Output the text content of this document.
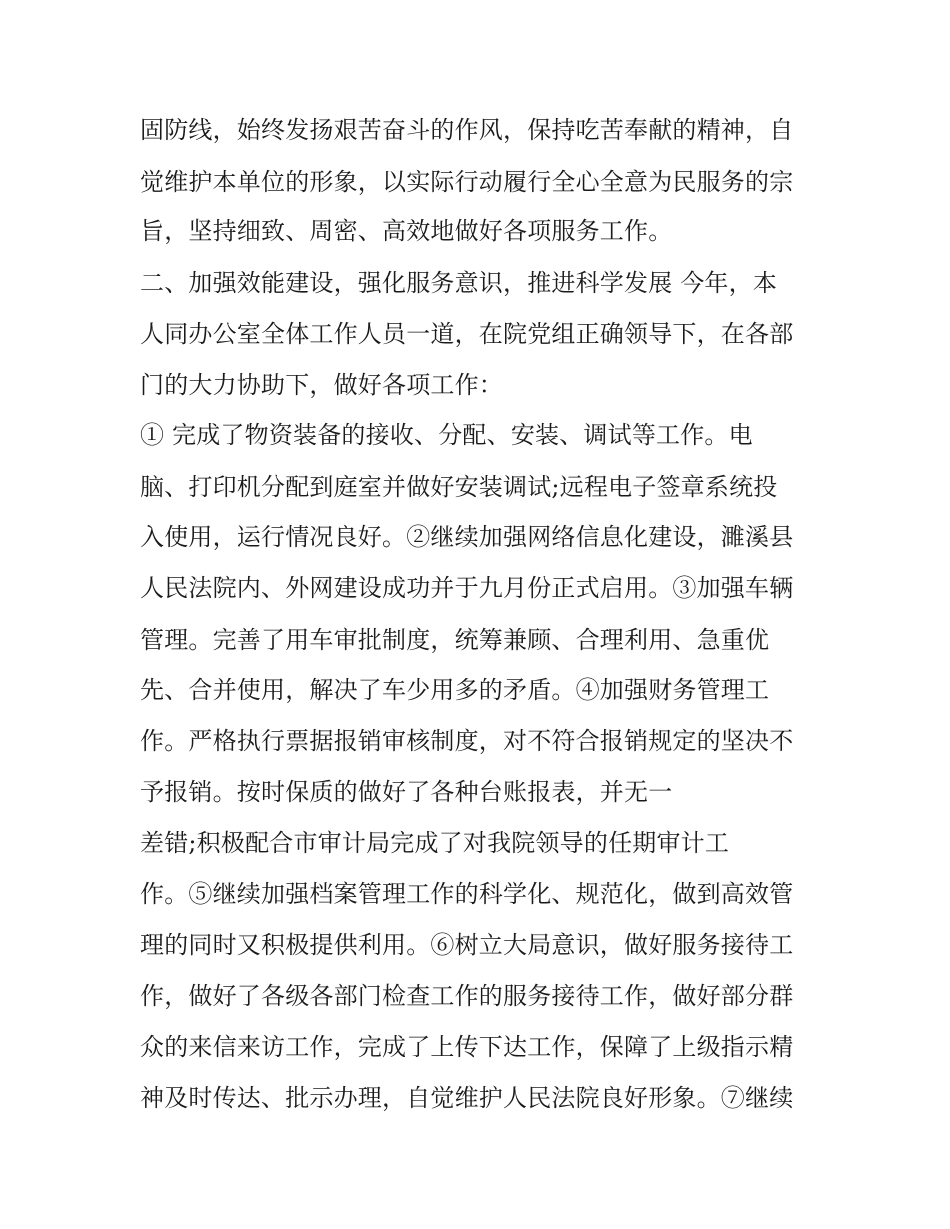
固防线，始终发扬艰苦奋斗的作风，保持吃苦奉献的精神，自
觉维护本单位的形象，以实际行动履行全心全意为民服务的宗
旨，坚持细致、周密、高效地做好各项服务工作。
二、加强效能建设，强化服务意识，推进科学发展 今年，本
人同办公室全体工作人员一道，在院党组正确领导下，在各部
门的大力协助下，做好各项工作：
① 完成了物资装备的接收、分配、安装、调试等工作。电
脑、打印机分配到庭室并做好安装调试;远程电子签章系统投
入使用，运行情况良好。②继续加强网络信息化建设，濉溪县
人民法院内、外网建设成功并于九月份正式启用。③加强车辆
管理。完善了用车审批制度，统筹兼顾、合理利用、急重优
先、合并使用，解决了车少用多的矛盾。④加强财务管理工
作。严格执行票据报销审核制度，对不符合报销规定的坚决不
予报销。按时保质的做好了各种台账报表，并无一
差错;积极配合市审计局完成了对我院领导的任期审计工
作。⑤继续加强档案管理工作的科学化、规范化，做到高效管
理的同时又积极提供利用。⑥树立大局意识，做好服务接待工
作，做好了各级各部门检查工作的服务接待工作，做好部分群
众的来信来访工作，完成了上传下达工作，保障了上级指示精
神及时传达、批示办理，自觉维护人民法院良好形象。⑦继续
